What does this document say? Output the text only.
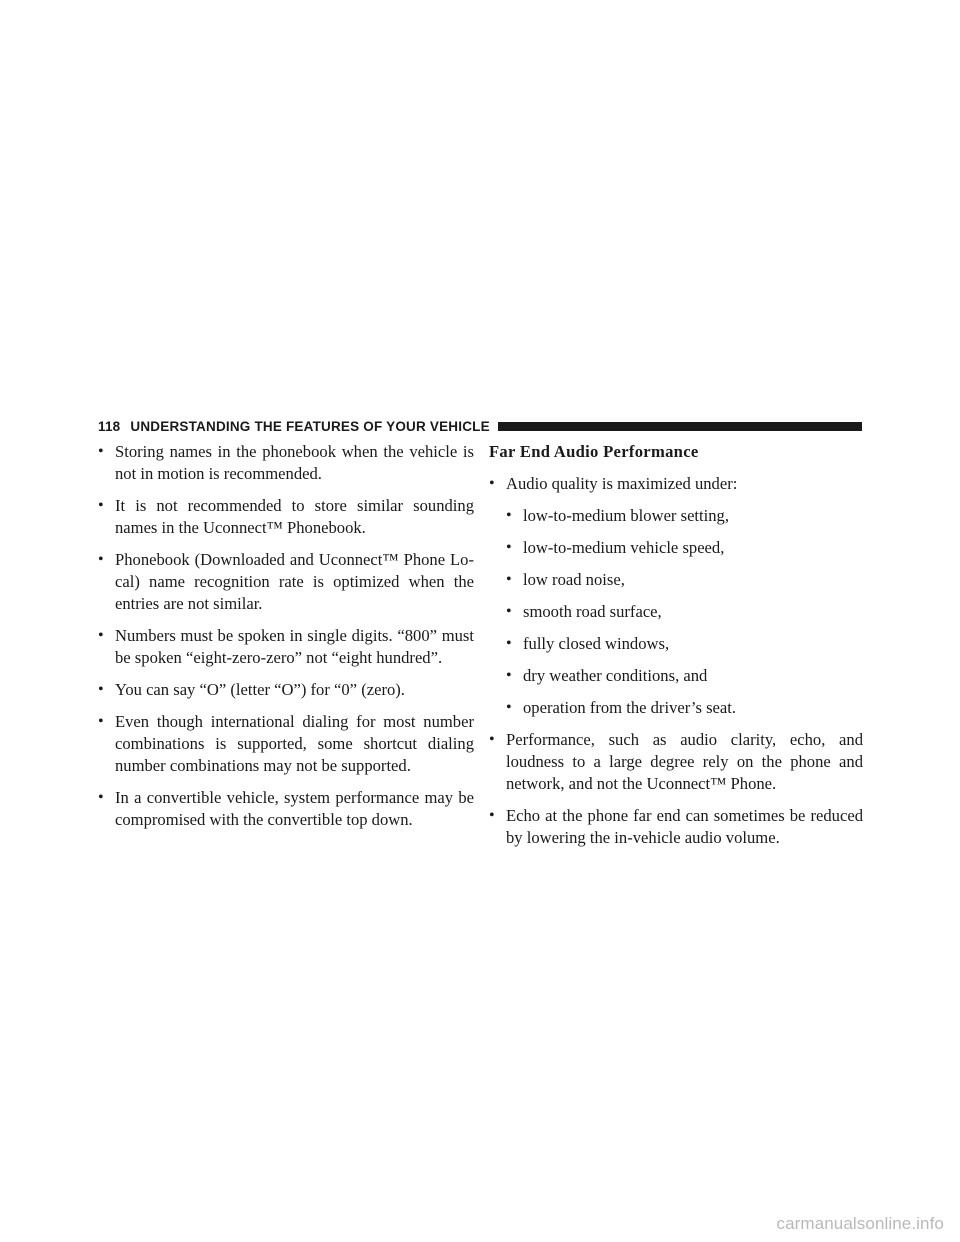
118 UNDERSTANDING THE FEATURES OF YOUR VEHICLE
• Storing names in the phonebook when the vehicle is not in motion is recommended.
• It is not recommended to store similar sounding names in the Uconnect™ Phonebook.
• Phonebook (Downloaded and Uconnect™ Phone Lo-cal) name recognition rate is optimized when the entries are not similar.
• Numbers must be spoken in single digits. “800” must be spoken “eight-zero-zero” not “eight hundred”.
• You can say “O” (letter “O”) for “0” (zero).
• Even though international dialing for most number combinations is supported, some shortcut dialing number combinations may not be supported.
• In a convertible vehicle, system performance may be compromised with the convertible top down.
Far End Audio Performance
• Audio quality is maximized under:
• low-to-medium blower setting,
• low-to-medium vehicle speed,
• low road noise,
• smooth road surface,
• fully closed windows,
• dry weather conditions, and
• operation from the driver’s seat.
• Performance, such as audio clarity, echo, and loudness to a large degree rely on the phone and network, and not the Uconnect™ Phone.
• Echo at the phone far end can sometimes be reduced by lowering the in-vehicle audio volume.
carmanualsonline.info
